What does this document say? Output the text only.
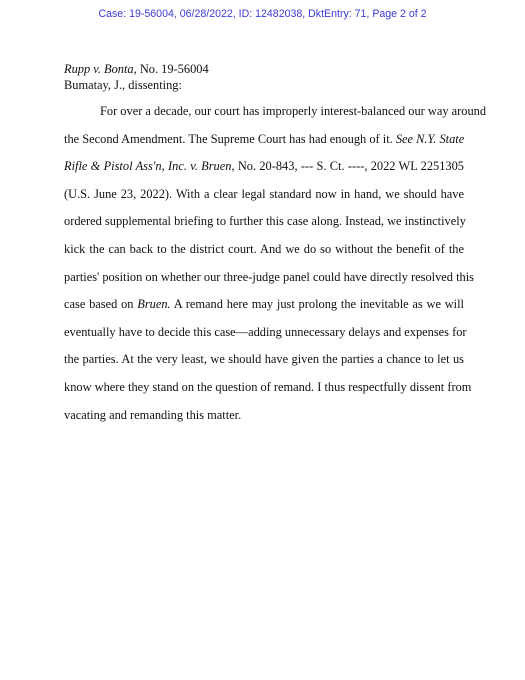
Case: 19-56004, 06/28/2022, ID: 12482038, DktEntry: 71, Page 2 of 2
Rupp v. Bonta, No. 19-56004
Bumatay, J., dissenting:

For over a decade, our court has improperly interest-balanced our way around
the Second Amendment. The Supreme Court has had enough of it. See N.Y. State
Rifle & Pistol Ass'n, Inc. v. Bruen, No. 20-843, --- S. Ct. ----, 2022 WL 2251305
(U.S. June 23, 2022). With a clear legal standard now in hand, we should have
ordered supplemental briefing to further this case along. Instead, we instinctively
kick the can back to the district court. And we do so without the benefit of the
parties' position on whether our three-judge panel could have directly resolved this
case based on Bruen. A remand here may just prolong the inevitable as we will
eventually have to decide this case—adding unnecessary delays and expenses for
the parties. At the very least, we should have given the parties a chance to let us
know where they stand on the question of remand. I thus respectfully dissent from
vacating and remanding this matter.
